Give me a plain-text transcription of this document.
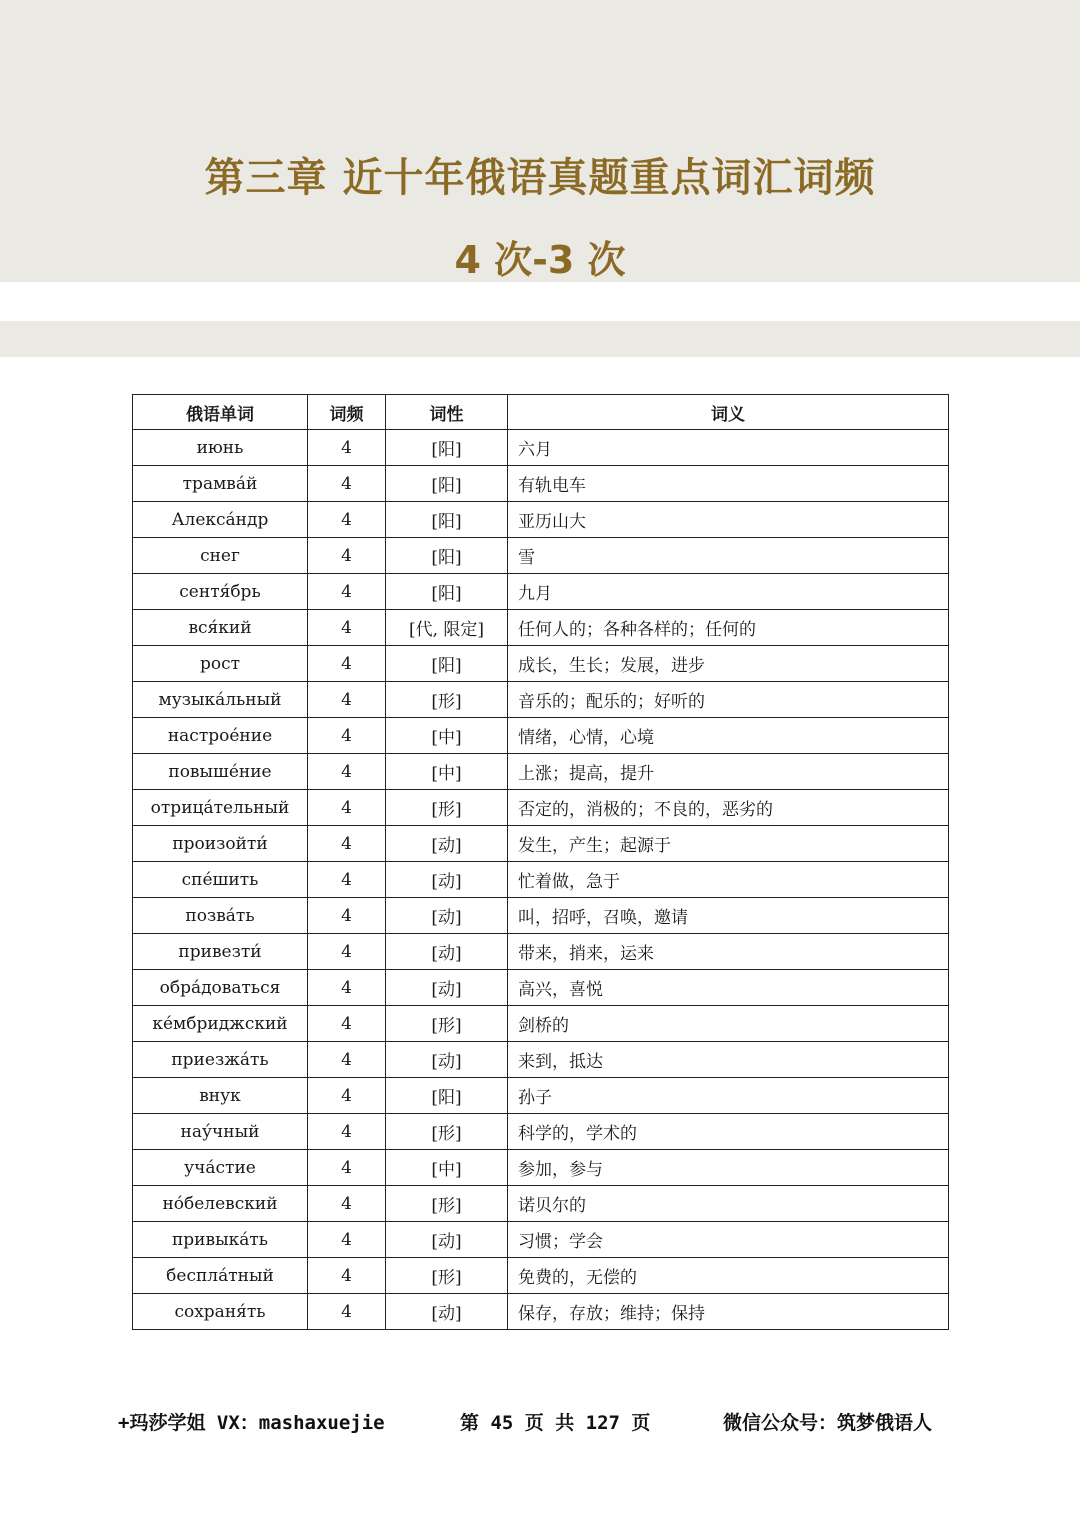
第三章 近十年俄语真题重点词汇词频
4 次-3 次
俄语单词	词频	词性	词义
июнь	4	[阳]	六月
трамва́й	4	[阳]	有轨电车
Алекса́ндр	4	[阳]	亚历山大
снег	4	[阳]	雪
сентя́брь	4	[阳]	九月
вся́кий	4	[代, 限定]	任何人的；各种各样的；任何的
рост	4	[阳]	成长，生长；发展，进步
музыка́льный	4	[形]	音乐的；配乐的；好听的
настрое́ние	4	[中]	情绪，心情，心境
повыше́ние	4	[中]	上涨；提高，提升
отрица́тельный	4	[形]	否定的，消极的；不良的，恶劣的
произойти́	4	[动]	发生，产生；起源于
спе́шить	4	[动]	忙着做，急于
позва́ть	4	[动]	叫，招呼，召唤，邀请
привезти́	4	[动]	带来，捎来，运来
обра́доваться	4	[动]	高兴，喜悦
ке́мбриджский	4	[形]	剑桥的
приезжа́ть	4	[动]	来到，抵达
внук	4	[阳]	孙子
нау́чный	4	[形]	科学的，学术的
уча́стие	4	[中]	参加，参与
но́белевский	4	[形]	诺贝尔的
привыка́ть	4	[动]	习惯；学会
беспла́тный	4	[形]	免费的，无偿的
сохраня́ть	4	[动]	保存，存放；维持；保持
+玛莎学姐 VX：mashaxuejie	第 45 页 共 127 页	微信公众号：筑梦俄语人
